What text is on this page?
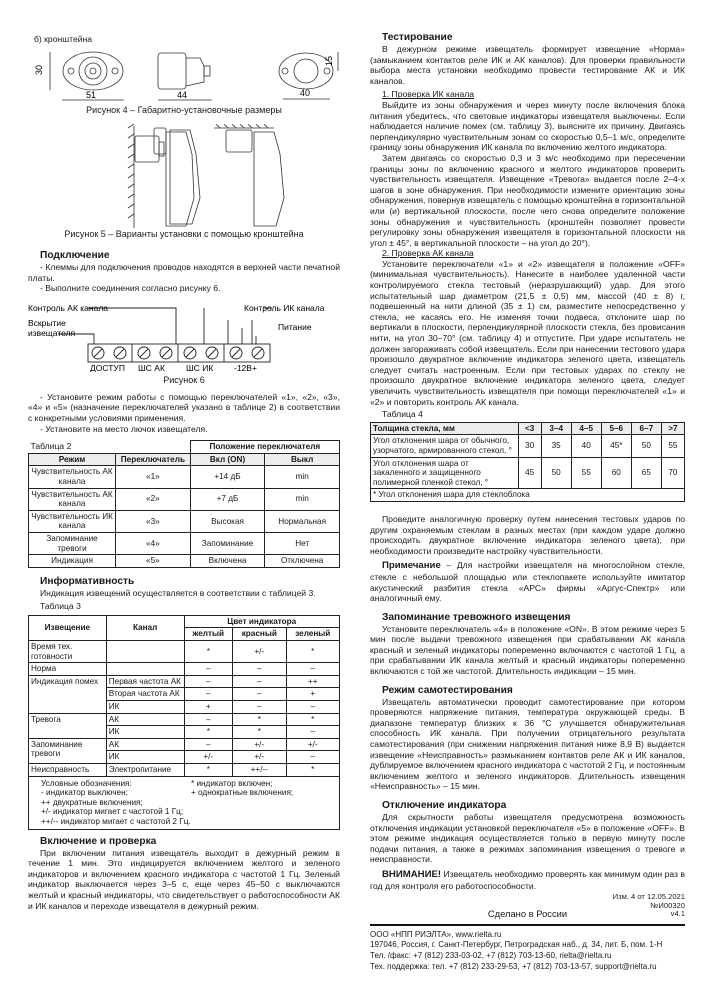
б) кронштейна
30
51	44	40
15
Рисунок 4 – Габаритно-установочные размеры
Рисунок 5 – Варианты установки с помощью кронштейна
Подключение

- Клеммы для подключения проводов находятся в верхней части печатной платы.

- Выполните соединения согласно рисунку 6.

Контроль АК канала	Контроль ИК канала
Вскрытие
извещателя
Питание
ДОСТУП ШС АК ШС ИК -12В+
Рисунок 6

- Установите режим работы с помощью переключателей «1», «2», «3», «4» и «5» (назначение переключателей указано в таблице 2) в соответствии с конкретными условиями применения.

- Установите на место лючок извещателя.

Таблица 2		Положение переключателя	
Режим	Переключатель	Вкл (ON)	Выкл
Чувствительность АК канала	«1»	+14 дБ	min
Чувствительность АК канала	«2»	+7 дБ	min
Чувствительность ИК канала	«3»	Высокая	Нормальная
Запоминание тревоги	«4»	Запоминание	Нет
Индикация	«5»	Включена	Отключена
Информативность

Индикация извещений осуществляется в соответствии с таблицей 3.

Таблица 3
Извещение	Канал	Цвет индикатора		
		желтый	красный	зеленый
Время тех. готовности		*	+/-	*
Норма		–	–	–
Индикация помех	Первая частота АК	–	–	++
	Вторая частота АК	–	–	+
	ИК	+	–	–
Тревога	АК	–	*	*
	ИК	*	*	–
Запоминание тревоги	АК	–	+/-	+/-
	ИК	+/-	+/-	–
Неисправность	Электропитание	*	++/--	*

Условные обозначения:	* индикатор включен;
- индикатор выключен;	+ однократные включения;
++ двукратные включения;
+/- индикатор мигает с частотой 1 Гц;
++/-- индикатор мигает с частотой 2 Гц.
Включение и проверка

При включении питания извещатель выходит в дежурный режим в течение 1 мин. Это индицируется включением желтого и зеленого индикаторов и включением красного индикатора с частотой 1 Гц. Зеленый индикатор выключается через 3–5 с, еще через 45–50 с выключаются желтый и красный индикаторы, что свидетельствует о работоспособности АК и ИК каналов и переходе извещателя в дежурный режим.

Тестирование

В дежурном режиме извещатель формирует извещение «Норма» (замыканием контактов реле ИК и АК каналов). Для проверки правильности выбора места установки необходимо провести тестирование АК и ИК каналов.

1. Проверка ИК канала

Выйдите из зоны обнаружения и через минуту после включения блока питания убедитесь, что световые индикаторы извещателя выключены. Если наблюдается наличие помех (см. таблицу 3), выясните их причину. Двигаясь перпендикулярно чувствительным зонам со скоростью 0,5–1 м/с, определите границу зоны обнаружения ИК канала по включению желтого индикатора.

Затем двигаясь со скоростью 0,3 и 3 м/с необходимо при пересечении границы зоны по включению красного и желтого индикаторов проверить чувствительность извещателя. Извещение «Тревога» выдается после 2–4-х шагов в зоне обнаружения. При необходимости измените ориентацию зоны обнаружения, повернув извещатель с помощью кронштейна в горизонтальной или (и) вертикальной плоскости, после чего снова определите положение зоны обнаружения и чувствительность (кронштейн позволяет провести регулировку зоны обнаружения извещателя в горизонтальной плоскости на угол ± 45°, в вертикальной плоскости – на угол до 20°).

2. Проверка АК канала

Установите переключатели «1» и «2» извещателя в положение «OFF» (минимальная чувствительность). Нанесите в наиболее удаленной части контролируемого стекла тестовый (неразрушающий) удар. Для этого испытательный шар диаметром (21,5 ± 0,5) мм, массой (40 ± 8) г, подвешенный на нити длиной (35 ± 1) см, разместите непосредственно у стекла, не касаясь его. Не изменяя точки подвеса, отклоните шар по вертикали в плоскости, перпендикулярной плоскости стекла, без провисания нити, на угол 30–70° (см. таблицу 4) и отпустите. При ударе испытатель не должен загораживать собой извещатель. Если при нанесении тестового удара произошло двукратное включение индикатора зеленого цвета, извещатель следует считать настроенным. Если при тестовых ударах по стеклу не произошло двукратное включение индикатора зеленого цвета, следует увеличить чувствительность извещателя при помощи переключателей «1» и «2» и повторить контроль АК канала.

Таблица 4
Толщина стекла, мм	<3	3–4	4–5	5–6	6–7	>7
Угол отклонения шара от обычного, узорчатого, армированного стекол, °	30	35	40	45*	50	55
Угол отклонения шара от закаленного и защищенного полимерной пленкой стекол, °	45	50	55	60	65	70
* Угол отклонения шара для стеклоблока						

Проведите аналогичную проверку путем нанесения тестовых ударов по другим охраняемым стеклам в разных местах (при каждом ударе должно происходить двукратное включение индикатора зеленого цвета), при необходимости произведите настройку чувствительности.

Примечание – Для настройки извещателя на многослойном стекле, стекле с небольшой площадью или стеклопакете используйте имитатор акустический разбития стекла «АРС» фирмы «Аргус-Спектр» или аналогичный ему.

Запоминание тревожного извещения

Установите переключатель «4» в положение «ON». В этом режиме через 5 мин после выдачи тревожного извещения при срабатывании АК канала красный и зеленый индикаторы попеременно включаются с частотой 1 Гц, а при срабатывании ИК канала желтый и красный индикаторы попеременно включаются с той же частотой. Длительность индикации – 15 мин.

Режим самотестирования

Извещатель автоматически проводит самотестирование при котором проверяются напряжение питания, температура окружающей среды. В диапазоне температур близких к 36 °С улучшается обнаружительная способность ИК канала. При получении отрицательного результата самотестирования (при снижении напряжения питания ниже 8,9 В) выдается извещение «Неисправность» размыканием контактов реле АК и ИК каналов, дублируемое включением красного индикатора с частотой 2 Гц, и постоянным включением желтого и зеленого индикаторов. Длительность извещения «Неисправность» – 15 мин.

Отключение индикатора

Для скрытности работы извещателя предусмотрена возможность отключения индикации установкой переключателя «5» в положение «OFF». В этом режиме индикация осуществляется только в первую минуту после подачи питания, а также в режимах запоминания извещения о тревоге и неисправности.

ВНИМАНИЕ! Извещатель необходимо проверять как минимум один раз в год для контроля его работоспособности.

Изм. 4 от 12.05.2021
№И00320
v4.1
Сделано в России
ООО «НПП РИЭЛТА», www.rielta.ru
197046, Россия, г. Санкт-Петербург, Петроградская наб., д. 34, лит. Б, пом. 1-Н
Тел. /факс: +7 (812) 233-03-02, +7 (812) 703-13-60, rielta@rielta.ru
Тех. поддержка: тел. +7 (812) 233-29-53, +7 (812) 703-13-57, support@rielta.ru
